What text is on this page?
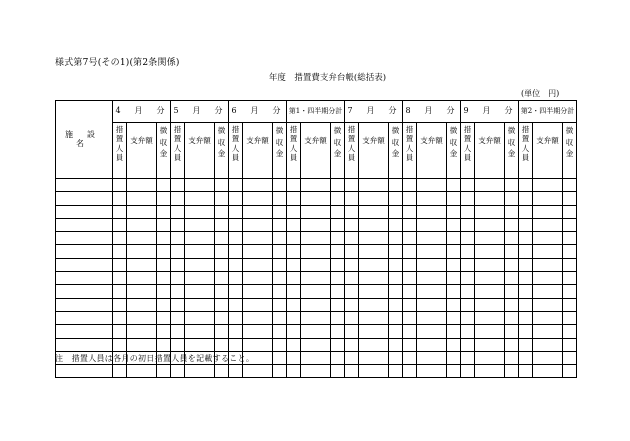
様式第7号(その1)(第2条関係)
年度　措置費支弁台帳(総括表)
(単位　円)
施設名	4　月　分			5　月　分			6　月　分			第1・四半期分計			7　月　分			8　月　分			9　月　分			第2・四半期分計		
	措置人員	支弁額	徴収金	措置人員	支弁額	徴収金	措置人員	支弁額	徴収金	措置人員	支弁額	徴収金	措置人員	支弁額	徴収金	措置人員	支弁額	徴収金	措置人員	支弁額	徴収金	措置人員	支弁額	徴収金

注　措置人員は各月の初日措置人員を記載すること。
